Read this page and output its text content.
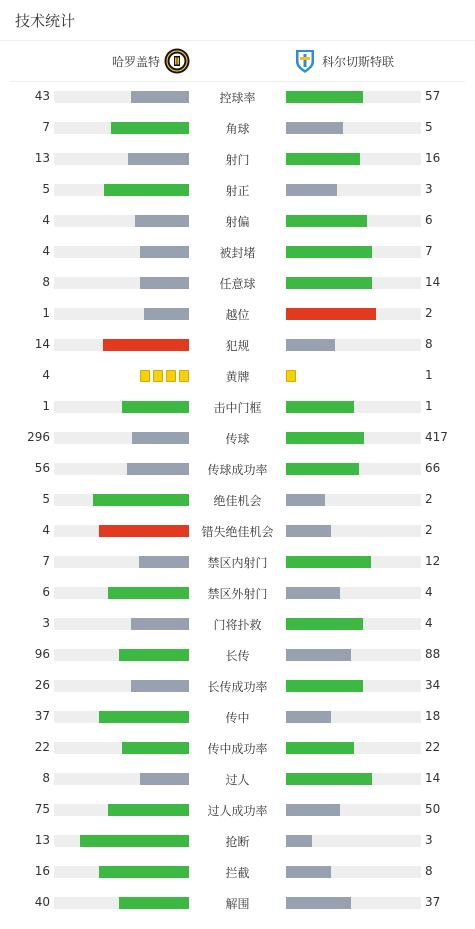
技术统计
哈罗盖特	科尔切斯特联
43	控球率	57
7	角球	5
13	射门	16
5	射正	3
4	射偏	6
4	被封堵	7
8	任意球	14
1	越位	2
14	犯规	8
4	黄牌	1
1	击中门框	1
296	传球	417
56	传球成功率	66
5	绝佳机会	2
4	错失绝佳机会	2
7	禁区内射门	12
6	禁区外射门	4
3	门将扑救	4
96	长传	88
26	长传成功率	34
37	传中	18
22	传中成功率	22
8	过人	14
75	过人成功率	50
13	抢断	3
16	拦截	8
40	解围	37
